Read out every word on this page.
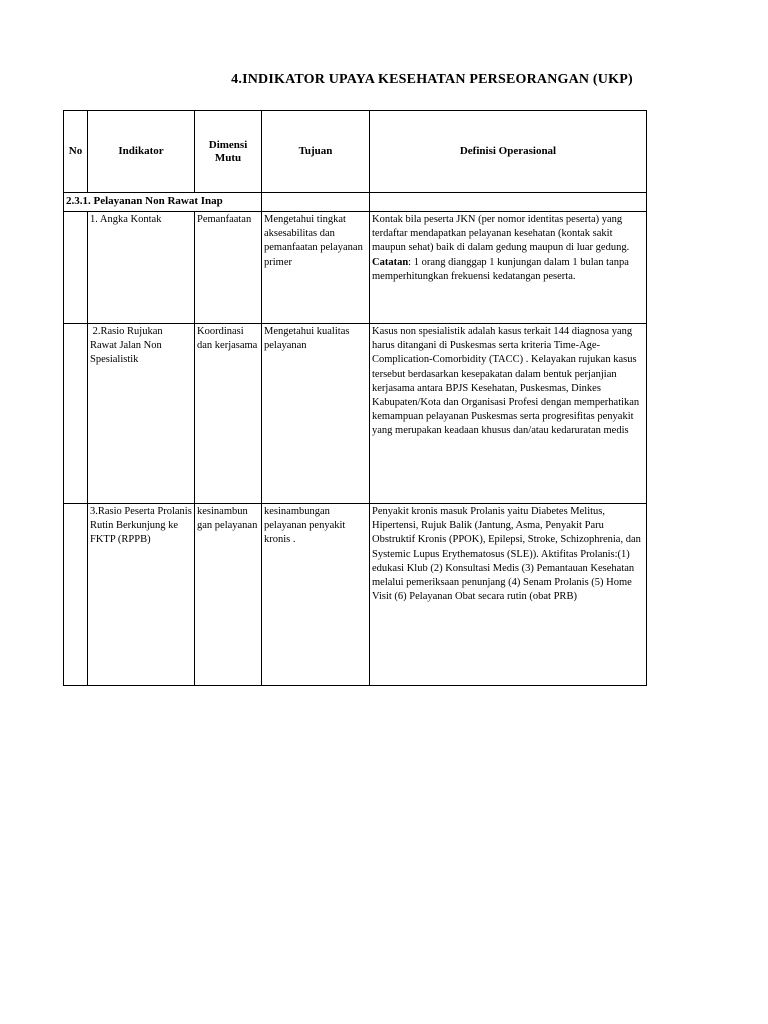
4.INDIKATOR UPAYA KESEHATAN PERSEORANGAN (UKP)
No	Indikator	Dimensi Mutu	Tujuan	Definisi Operasional
2.3.1. Pelayanan Non Rawat Inap				
	1. Angka Kontak	Pemanfaatan	Mengetahui tingkat aksesabilitas dan pemanfaatan pelayanan primer	Kontak bila peserta JKN (per nomor identitas peserta) yang terdaftar mendapatkan pelayanan kesehatan (kontak sakit maupun sehat) baik di dalam gedung maupun di luar gedung.
Catatan: 1 orang dianggap 1 kunjungan dalam 1 bulan tanpa memperhitungkan frekuensi kedatangan peserta.
	2.Rasio Rujukan Rawat Jalan Non Spesialistik	Koordinasi dan kerjasama	Mengetahui kualitas pelayanan	Kasus non spesialistik adalah kasus terkait 144 diagnosa yang harus ditangani di Puskesmas serta kriteria Time-Age-Complication-Comorbidity (TACC) . Kelayakan rujukan kasus tersebut berdasarkan kesepakatan dalam bentuk perjanjian kerjasama antara BPJS Kesehatan, Puskesmas, Dinkes Kabupaten/Kota dan Organisasi Profesi dengan memperhatikan kemampuan pelayanan Puskesmas serta progresifitas penyakit yang merupakan keadaan khusus dan/atau kedaruratan medis
	3.Rasio Peserta Prolanis Rutin Berkunjung ke FKTP (RPPB)	kesinambun gan pelayanan	kesinambungan pelayanan penyakit kronis .	Penyakit kronis masuk Prolanis yaitu Diabetes Melitus, Hipertensi, Rujuk Balik (Jantung, Asma, Penyakit Paru Obstruktif Kronis (PPOK), Epilepsi, Stroke, Schizophrenia, dan Systemic Lupus Erythematosus (SLE)). Aktifitas Prolanis:(1) edukasi Klub (2) Konsultasi Medis (3) Pemantauan Kesehatan melalui pemeriksaan penunjang (4) Senam Prolanis (5) Home Visit (6) Pelayanan Obat secara rutin (obat PRB)
